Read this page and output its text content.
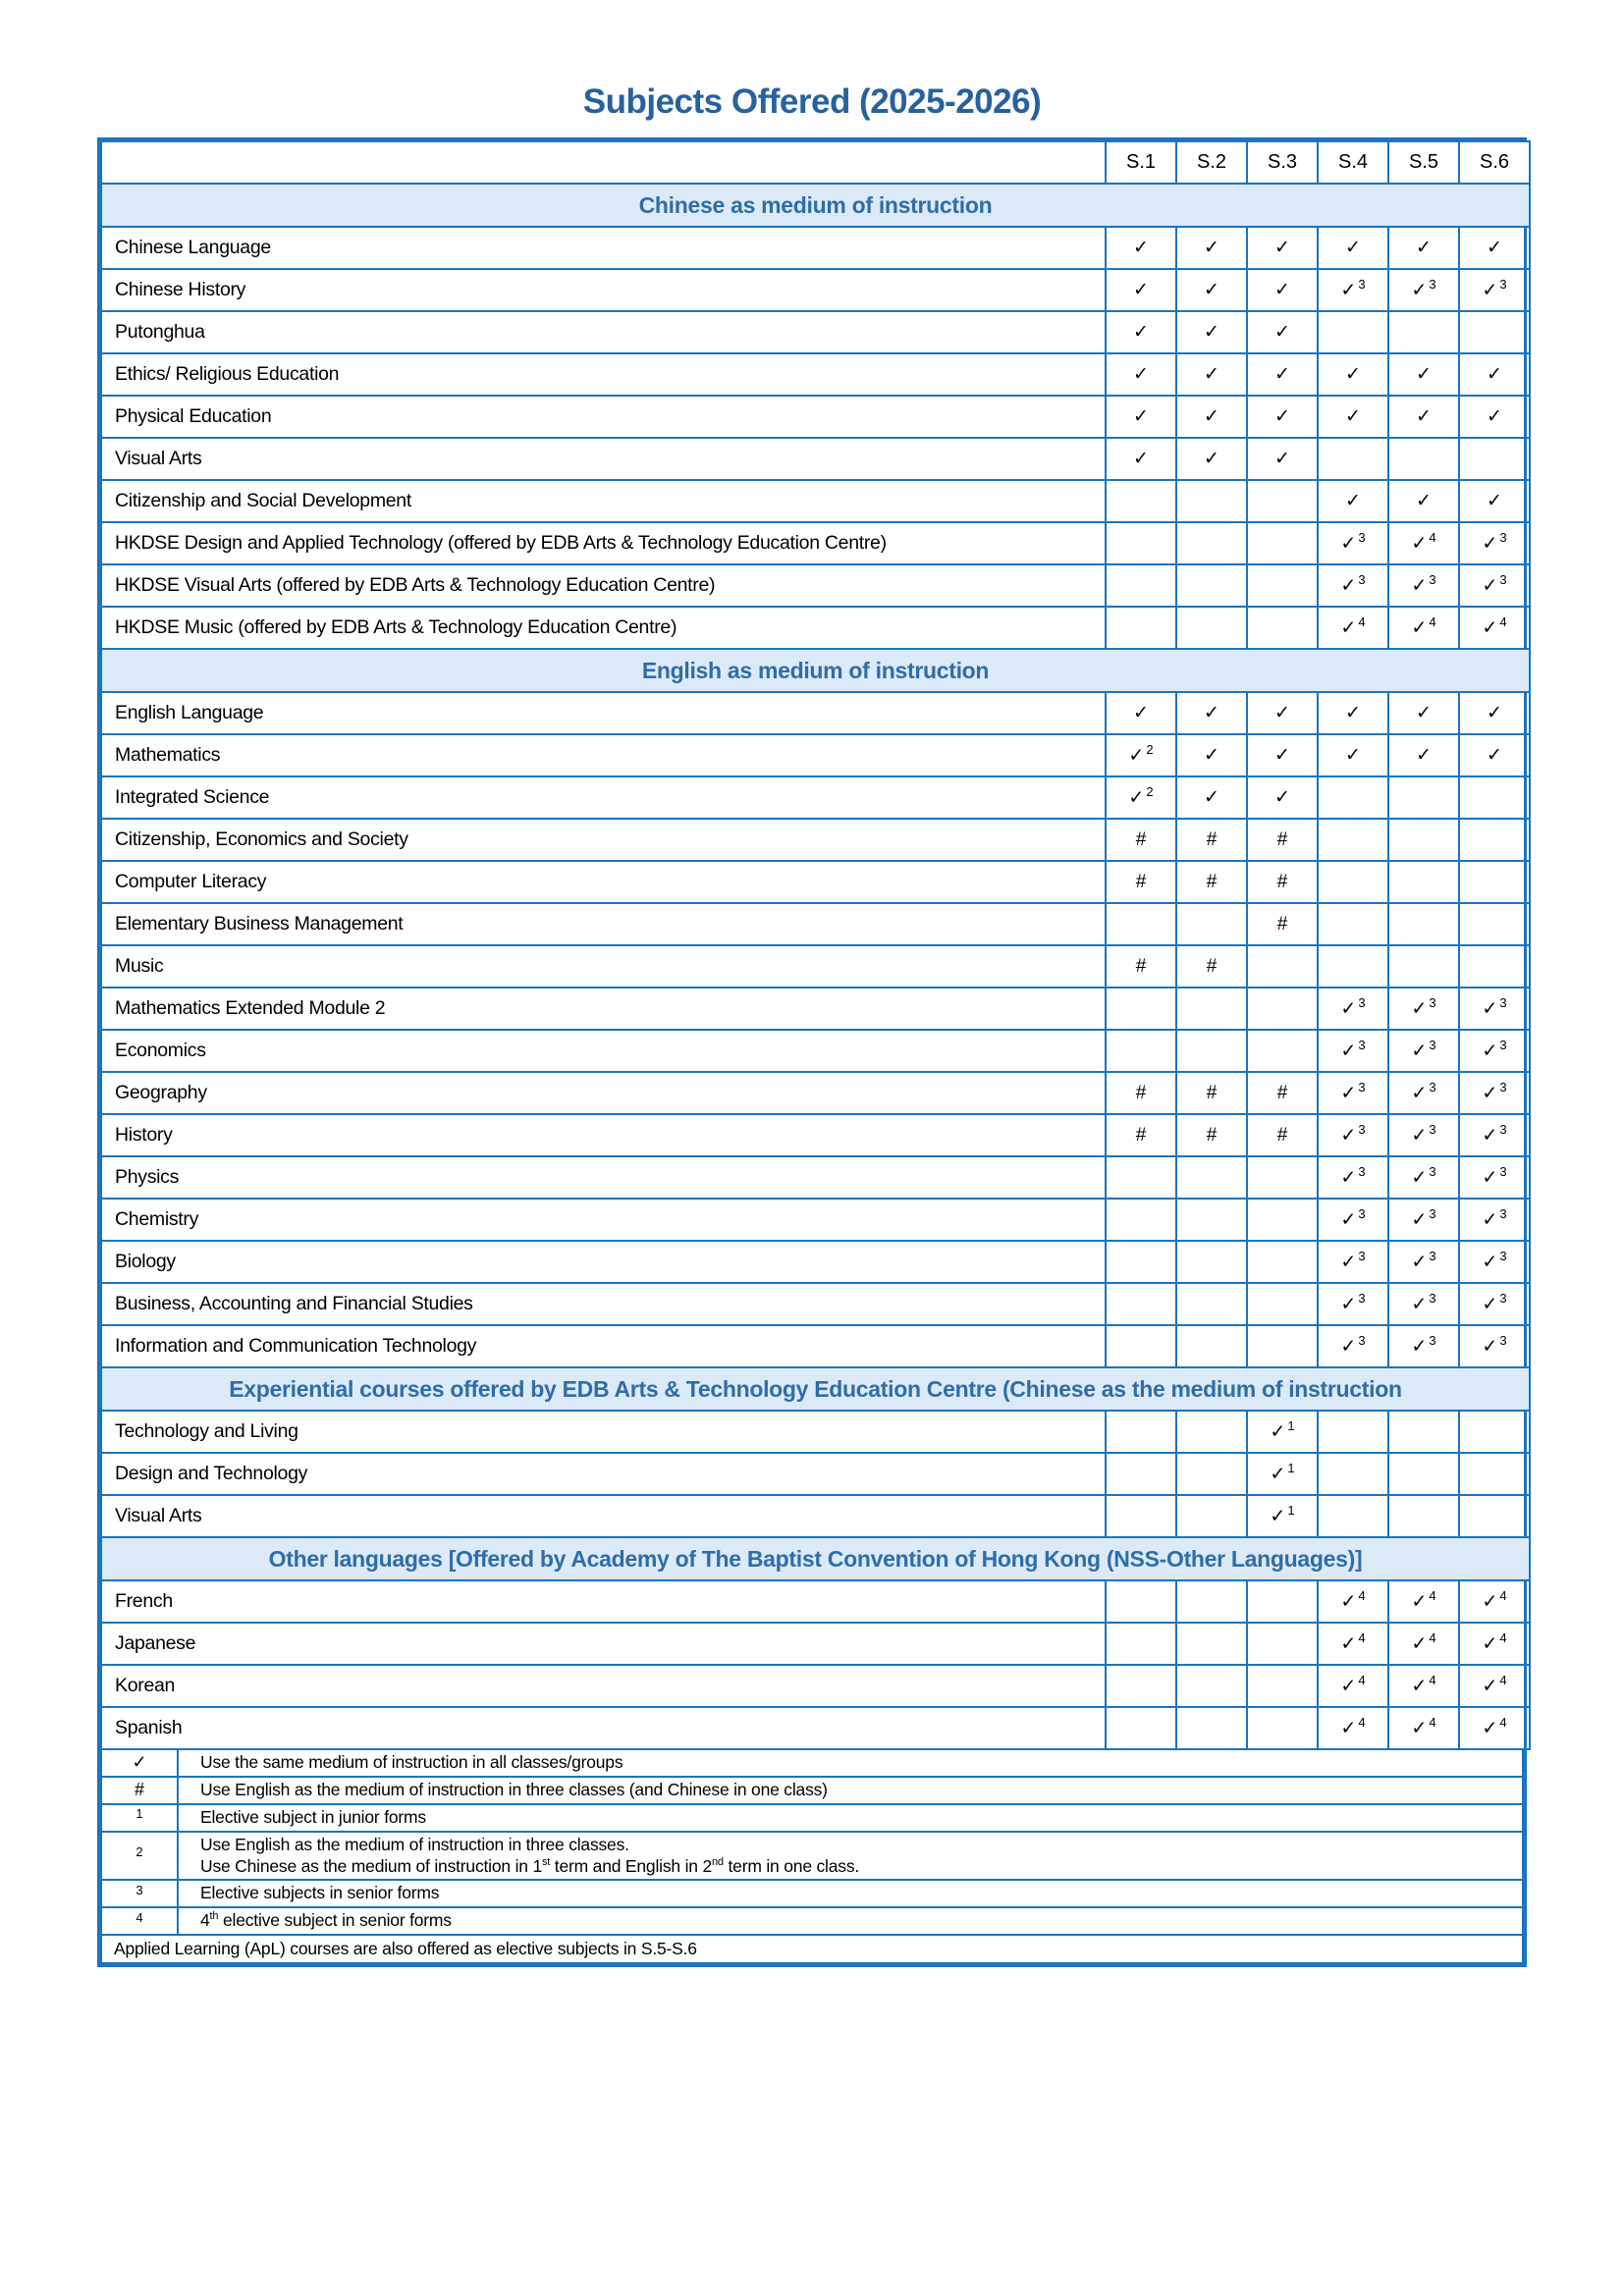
Subjects Offered (2025-2026)
	S.1	S.2	S.3	S.4	S.5	S.6
Chinese as medium of instruction						
Chinese Language	✓	✓	✓	✓	✓	✓
Chinese History	✓	✓	✓	✓ $^3$	✓ $^3$	✓ $^3$
Putonghua	✓	✓	✓			
Ethics/ Religious Education	✓	✓	✓	✓	✓	✓
Physical Education	✓	✓	✓	✓	✓	✓
Visual Arts	✓	✓	✓			
Citizenship and Social Development				✓	✓	✓
HKDSE Design and Applied Technology (offered by EDB Arts & Technology Education Centre)				✓ $^3$	✓ $^4$	✓ $^3$
HKDSE Visual Arts (offered by EDB Arts & Technology Education Centre)				✓ $^3$	✓ $^3$	✓ $^3$
HKDSE Music (offered by EDB Arts & Technology Education Centre)				✓ $^4$	✓ $^4$	✓ $^4$
English as medium of instruction						
English Language	✓	✓	✓	✓	✓	✓
Mathematics	✓ $^2$	✓	✓	✓	✓	✓
Integrated Science	✓ $^2$	✓	✓			
Citizenship, Economics and Society	#	#	#			
Computer Literacy	#	#	#			
Elementary Business Management			#			
Music	#	#				
Mathematics Extended Module 2				✓ $^3$	✓ $^3$	✓ $^3$
Economics				✓ $^3$	✓ $^3$	✓ $^3$
Geography	#	#	#	✓ $^3$	✓ $^3$	✓ $^3$
History	#	#	#	✓ $^3$	✓ $^3$	✓ $^3$
Physics				✓ $^3$	✓ $^3$	✓ $^3$
Chemistry				✓ $^3$	✓ $^3$	✓ $^3$
Biology				✓ $^3$	✓ $^3$	✓ $^3$
Business, Accounting and Financial Studies				✓ $^3$	✓ $^3$	✓ $^3$
Information and Communication Technology				✓ $^3$	✓ $^3$	✓ $^3$
Experiential courses offered by EDB Arts & Technology Education Centre (Chinese as the medium of instruction						
Technology and Living			✓ $^1$			
Design and Technology			✓ $^1$			
Visual Arts			✓ $^1$			
Other languages [Offered by Academy of The Baptist Convention of Hong Kong (NSS-Other Languages)]						
French				✓ $^4$	✓ $^4$	✓ $^4$
Japanese				✓ $^4$	✓ $^4$	✓ $^4$
Korean				✓ $^4$	✓ $^4$	✓ $^4$
Spanish				✓ $^4$	✓ $^4$	✓ $^4$
✓	Use the same medium of instruction in all classes/groups
#	Use English as the medium of instruction in three classes (and Chinese in one class)
$^1$	Elective subject in junior forms
$^2$	Use English as the medium of instruction in three classes.
Use Chinese as the medium of instruction in 1st term and English in 2nd term in one class.

$^3$	Elective subjects in senior forms
$^4$	4th elective subject in senior forms
Applied Learning (ApL) courses are also offered as elective subjects in S.5-S.6	
